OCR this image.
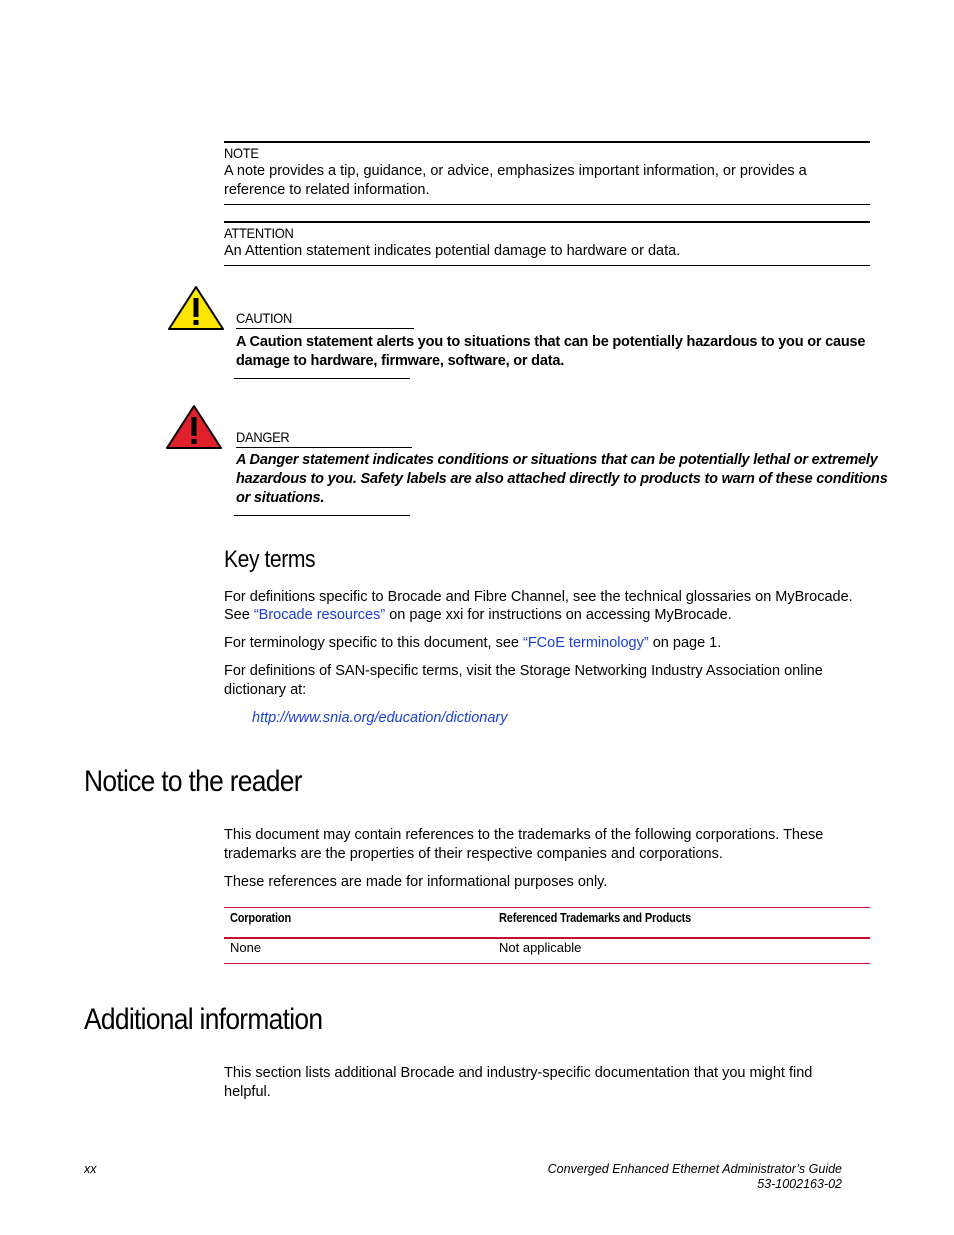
NOTE
A note provides a tip, guidance, or advice, emphasizes important information, or provides a
reference to related information.
ATTENTION
An Attention statement indicates potential damage to hardware or data.
CAUTION
A Caution statement alerts you to situations that can be potentially hazardous to you or cause
damage to hardware, firmware, software, or data.
DANGER
A Danger statement indicates conditions or situations that can be potentially lethal or extremely
hazardous to you. Safety labels are also attached directly to products to warn of these conditions
or situations.
Key terms
For definitions specific to Brocade and Fibre Channel, see the technical glossaries on MyBrocade.
See “Brocade resources” on page xxi for instructions on accessing MyBrocade.
For terminology specific to this document, see “FCoE terminology” on page 1.
For definitions of SAN-specific terms, visit the Storage Networking Industry Association online
dictionary at:
http://www.snia.org/education/dictionary
Notice to the reader
This document may contain references to the trademarks of the following corporations. These
trademarks are the properties of their respective companies and corporations.
These references are made for informational purposes only.
Corporation	Referenced Trademarks and Products
None	Not applicable
Additional information
This section lists additional Brocade and industry-specific documentation that you might find
helpful.
xx	Converged Enhanced Ethernet Administrator’s Guide
53-1002163-02
